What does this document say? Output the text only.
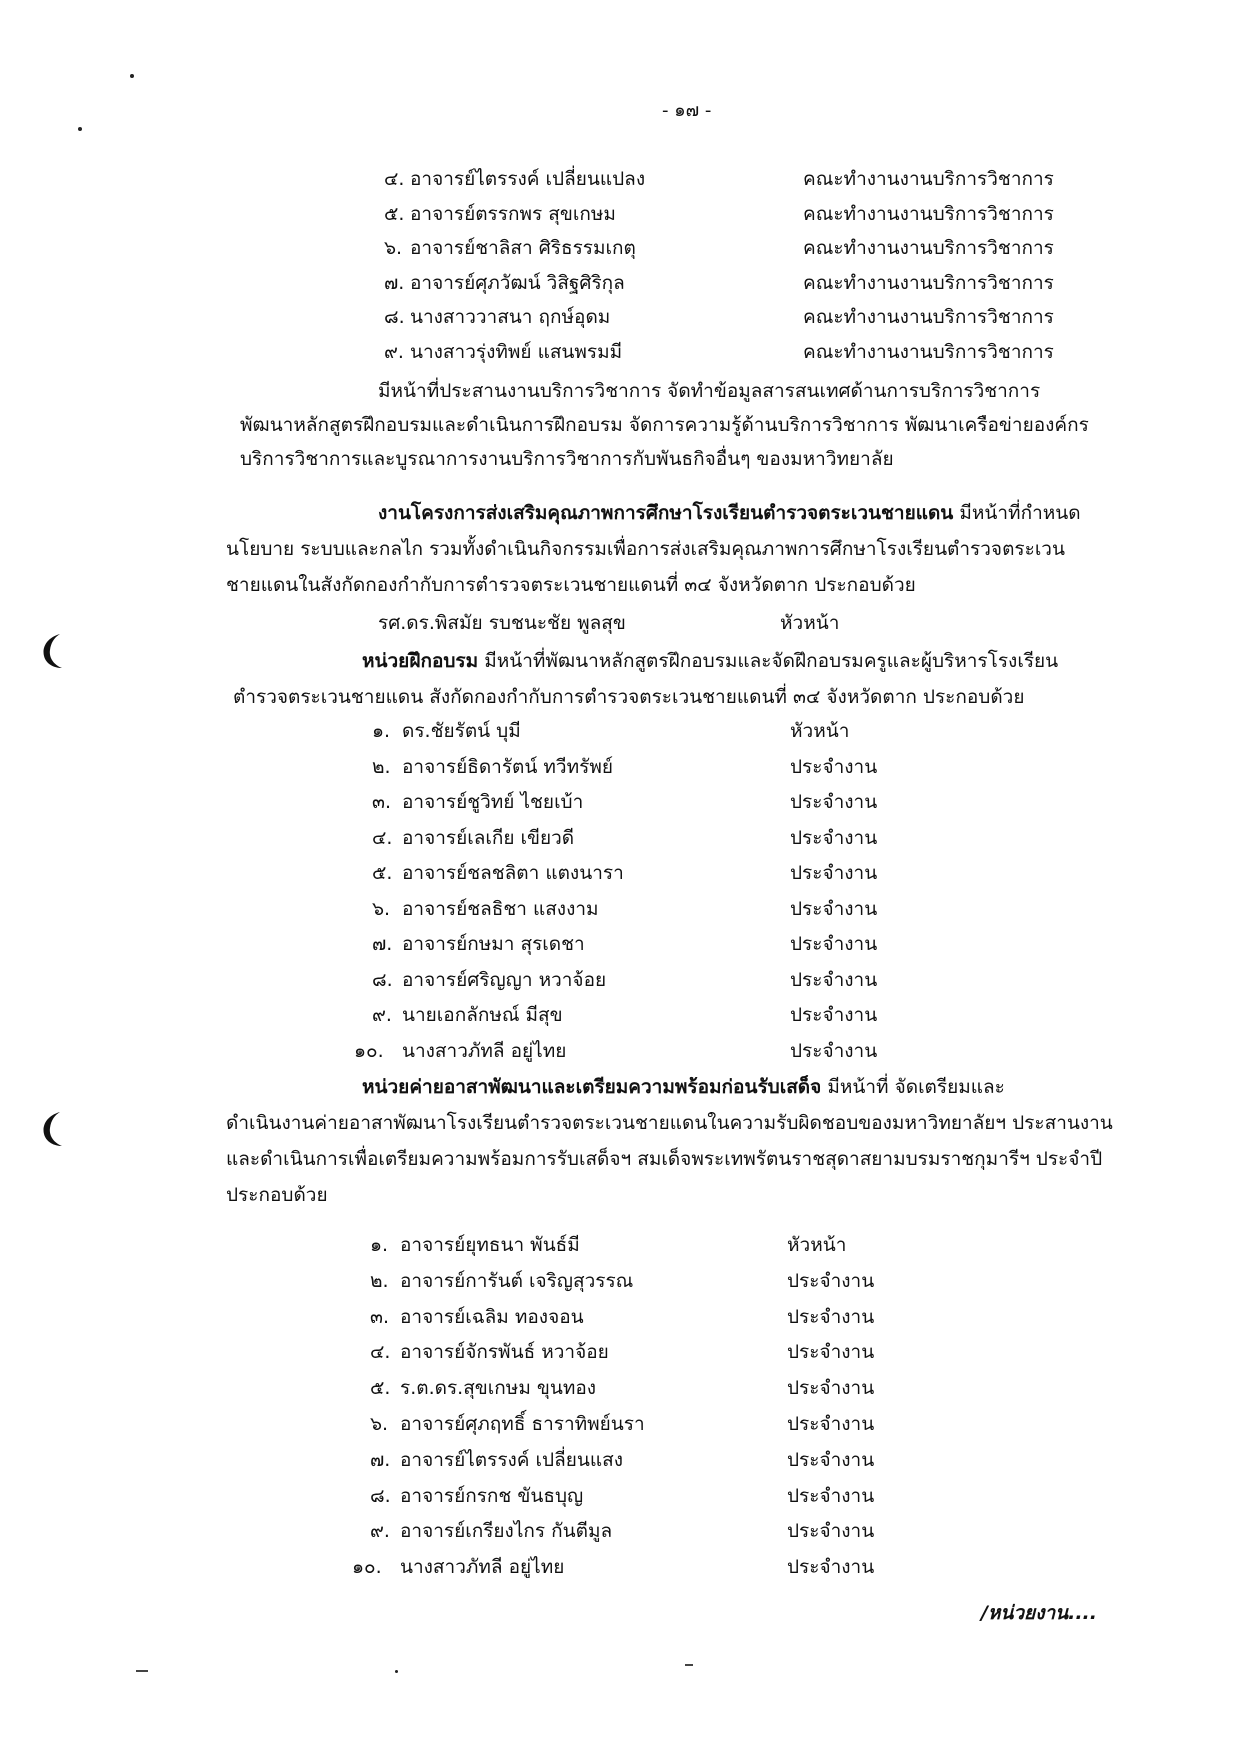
- ๑๗ -
๔. อาจารย์ไตรรงค์ เปลี่ยนแปลง	คณะทำงานงานบริการวิชาการ
๕. อาจารย์ตรรกพร สุขเกษม	คณะทำงานงานบริการวิชาการ
๖. อาจารย์ชาลิสา ศิริธรรมเกตุ	คณะทำงานงานบริการวิชาการ
๗. อาจารย์ศุภวัฒน์ วิสิฐศิริกุล	คณะทำงานงานบริการวิชาการ
๘. นางสาววาสนา ฤกษ์อุดม	คณะทำงานงานบริการวิชาการ
๙. นางสาวรุ่งทิพย์ แสนพรมมี	คณะทำงานงานบริการวิชาการ
มีหน้าที่ประสานงานบริการวิชาการ จัดทำข้อมูลสารสนเทศด้านการบริการวิชาการ
พัฒนาหลักสูตรฝึกอบรมและดำเนินการฝึกอบรม จัดการความรู้ด้านบริการวิชาการ พัฒนาเครือข่ายองค์กร
บริการวิชาการและบูรณาการงานบริการวิชาการกับพันธกิจอื่นๆ ของมหาวิทยาลัย
งานโครงการส่งเสริมคุณภาพการศึกษาโรงเรียนตำรวจตระเวนชายแดน มีหน้าที่กำหนด
นโยบาย ระบบและกลไก รวมทั้งดำเนินกิจกรรมเพื่อการส่งเสริมคุณภาพการศึกษาโรงเรียนตำรวจตระเวน
ชายแดนในสังกัดกองกำกับการตำรวจตระเวนชายแดนที่ ๓๔ จังหวัดตาก ประกอบด้วย
รศ.ดร.พิสมัย รบชนะชัย พูลสุข	หัวหน้า
หน่วยฝึกอบรม มีหน้าที่พัฒนาหลักสูตรฝึกอบรมและจัดฝึกอบรมครูและผู้บริหารโรงเรียน
ตำรวจตระเวนชายแดน สังกัดกองกำกับการตำรวจตระเวนชายแดนที่ ๓๔ จังหวัดตาก ประกอบด้วย
๑. ดร.ชัยรัตน์ บุมี	หัวหน้า
๒. อาจารย์ธิดารัตน์ ทวีทรัพย์	ประจำงาน
๓. อาจารย์ชูวิทย์ ไชยเบ้า	ประจำงาน
๔. อาจารย์เลเกีย เขียวดี	ประจำงาน
๕. อาจารย์ชลชลิตา แตงนารา	ประจำงาน
๖. อาจารย์ชลธิชา แสงงาม	ประจำงาน
๗. อาจารย์กษมา สุรเดชา	ประจำงาน
๘. อาจารย์ศริญญา หวาจ้อย	ประจำงาน
๙. นายเอกลักษณ์ มีสุข	ประจำงาน
๑๐. นางสาวภัทลี อยู่ไทย	ประจำงาน
หน่วยค่ายอาสาพัฒนาและเตรียมความพร้อมก่อนรับเสด็จ มีหน้าที่ จัดเตรียมและ
ดำเนินงานค่ายอาสาพัฒนาโรงเรียนตำรวจตระเวนชายแดนในความรับผิดชอบของมหาวิทยาลัยฯ ประสานงาน
และดำเนินการเพื่อเตรียมความพร้อมการรับเสด็จฯ สมเด็จพระเทพรัตนราชสุดาสยามบรมราชกุมารีฯ ประจำปี
ประกอบด้วย
๑. อาจารย์ยุทธนา พันธ์มี	หัวหน้า
๒. อาจารย์การันต์ เจริญสุวรรณ	ประจำงาน
๓. อาจารย์เฉลิม ทองจอน	ประจำงาน
๔. อาจารย์จักรพันธ์ หวาจ้อย	ประจำงาน
๕. ร.ต.ดร.สุขเกษม ขุนทอง	ประจำงาน
๖. อาจารย์ศุภฤทธิ์ ธาราทิพย์นรา	ประจำงาน
๗. อาจารย์ไตรรงค์ เปลี่ยนแสง	ประจำงาน
๘. อาจารย์กรกช ขันธบุญ	ประจำงาน
๙. อาจารย์เกรียงไกร กันตีมูล	ประจำงาน
๑๐. นางสาวภัทลี อยู่ไทย	ประจำงาน
/หน่วยงาน....
